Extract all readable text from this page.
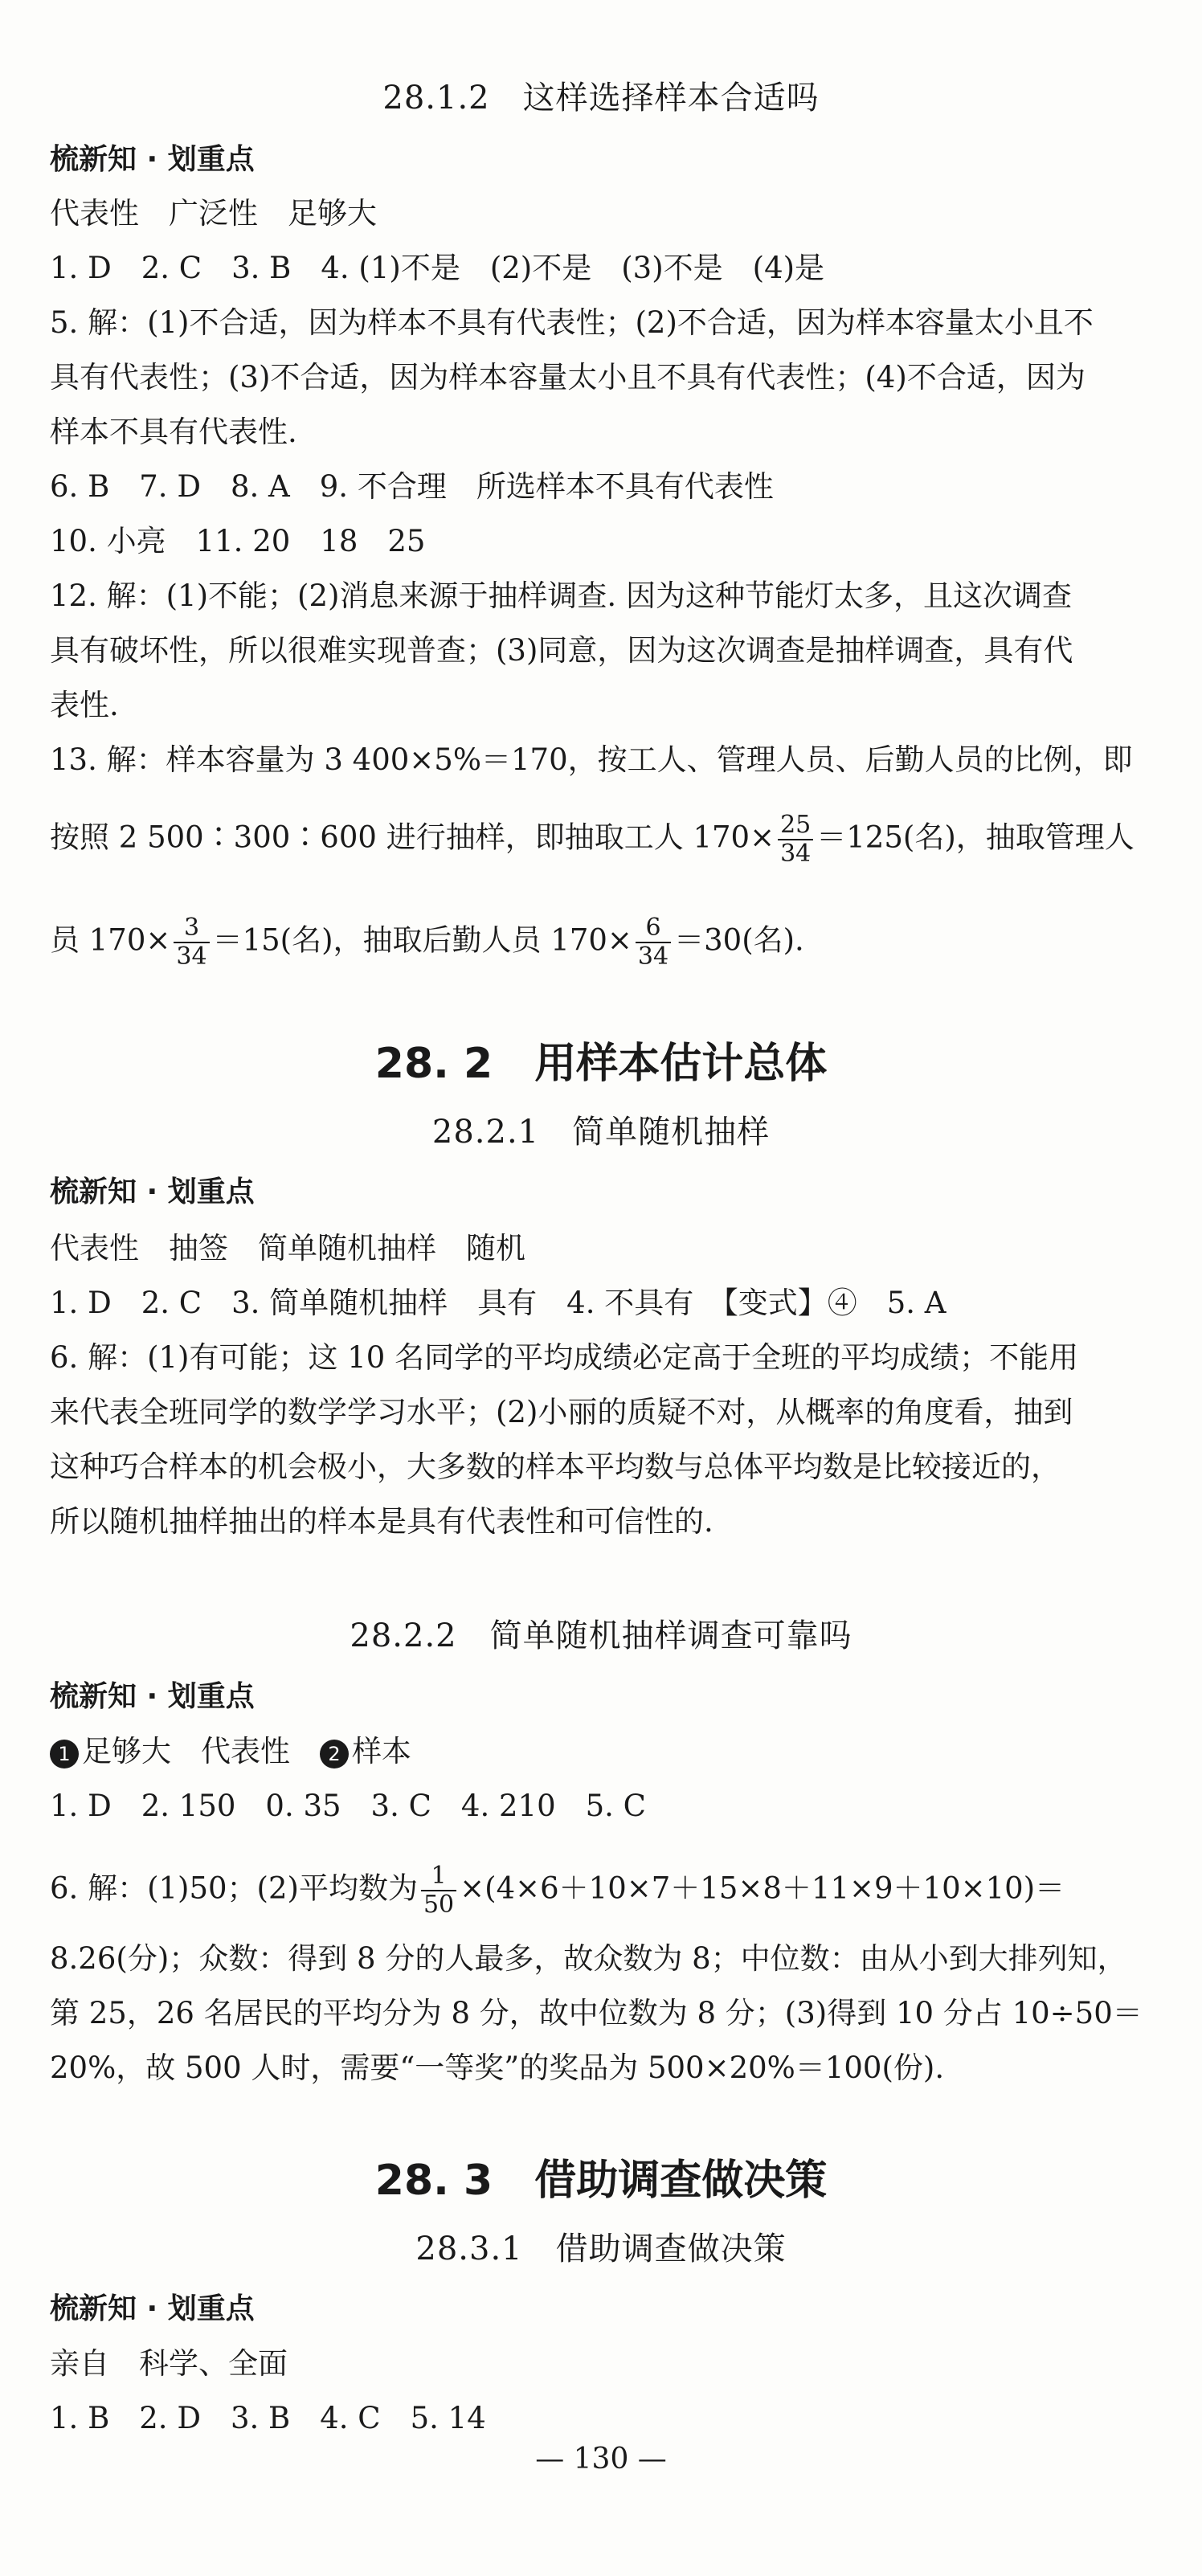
28.1.2　这样选择样本合适吗
梳新知 · 划重点
代表性　广泛性　足够大
1. D　2. C　3. B　4. (1)不是　(2)不是　(3)不是　(4)是
5. 解：(1)不合适，因为样本不具有代表性；(2)不合适，因为样本容量太小且不
具有代表性；(3)不合适，因为样本容量太小且不具有代表性；(4)不合适，因为
样本不具有代表性.
6. B　7. D　8. A　9. 不合理　所选样本不具有代表性
10. 小亮　11. 20　18　25
12. 解：(1)不能；(2)消息来源于抽样调查. 因为这种节能灯太多，且这次调查
具有破坏性，所以很难实现普查；(3)同意，因为这次调查是抽样调查，具有代
表性.
13. 解：样本容量为 3 400×5%＝170，按工人、管理人员、后勤人员的比例，即
按照 2 500∶300∶600 进行抽样，即抽取工人 $170\times \frac{25}{34} =125$(名)，抽取管理人
员 $170\times \frac{3}{34} =15$(名)，抽取后勤人员 $170\times \frac{6}{34} =30$(名).
28. 2　用样本估计总体
28.2.1　简单随机抽样
梳新知 · 划重点
代表性　抽签　简单随机抽样　随机
1. D　2. C　3. 简单随机抽样　具有　4. 不具有　【变式】④　5. A
6. 解：(1)有可能；这 10 名同学的平均成绩必定高于全班的平均成绩；不能用
来代表全班同学的数学学习水平；(2)小丽的质疑不对，从概率的角度看，抽到
这种巧合样本的机会极小，大多数的样本平均数与总体平均数是比较接近的，
所以随机抽样抽出的样本是具有代表性和可信性的.
28.2.2　简单随机抽样调查可靠吗
梳新知 · 划重点
1 足够大　代表性　2 样本
1. D　2. 150　0. 35　3. C　4. 210　5. C
6. 解：(1)50；(2)平均数为 $\frac{1}{50} \times(4\times 6+10\times 7+15\times 8+11\times 9+10\times 10)=$
8.26(分)；众数：得到 8 分的人最多，故众数为 8；中位数：由从小到大排列知，
第 25，26 名居民的平均分为 8 分，故中位数为 8 分；(3)得到 10 分占 10÷50＝
20%，故 500 人时，需要“一等奖”的奖品为 500×20%＝100(份).
28. 3　借助调查做决策
28.3.1　借助调查做决策
梳新知 · 划重点
亲自　科学、全面
1. B　2. D　3. B　4. C　5. 14
— 130 —
